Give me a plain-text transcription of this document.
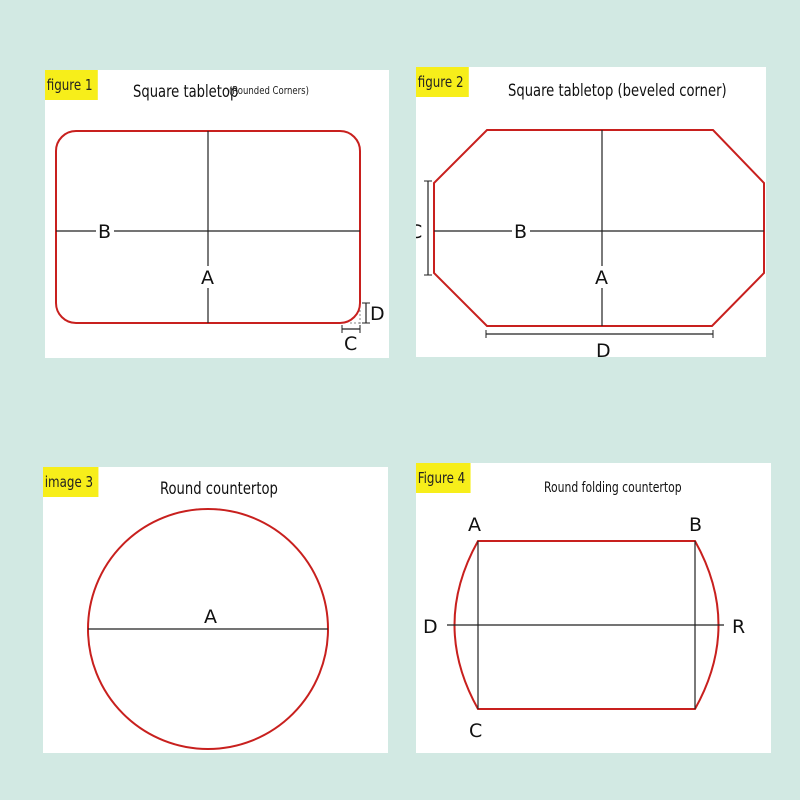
figure 1	Square tabletop
(Rounded Corners)
B
A
D
C
figure 2	Square tabletop (beveled corner)
B
A
C
D
image 3	Round countertop
A
Figure 4
Round folding countertop
A	B
C
D	R
